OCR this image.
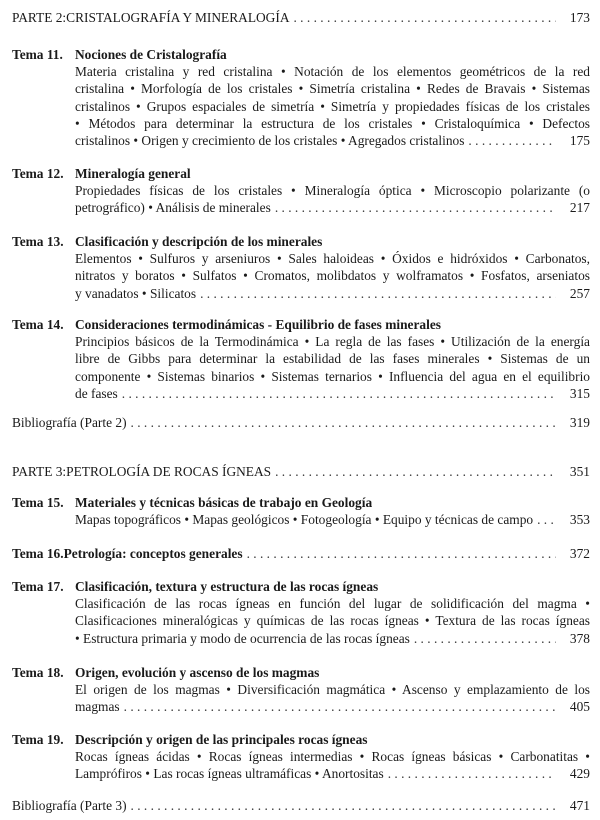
PARTE 2: CRISTALOGRAFÍA Y MINERALOGÍA . . .	173
Tema 11. Nociones de Cristalografía
Materia cristalina y red cristalina • Notación de los elementos geométricos de la red
cristalina • Morfología de los cristales • Simetría cristalina • Redes de Bravais • Sistemas
cristalinos • Grupos espaciales de simetría • Simetría y propiedades físicas de los cristales
• Métodos para determinar la estructura de los cristales • Cristaloquímica • Defectos
cristalinos • Origen y crecimiento de los cristales • Agregados cristalinos . . .	175
Tema 12. Mineralogía general
Propiedades físicas de los cristales • Mineralogía óptica • Microscopio polarizante (o
petrográfico) • Análisis de minerales . . .	217
Tema 13. Clasificación y descripción de los minerales
Elementos • Sulfuros y arseniuros • Sales haloideas • Óxidos e hidróxidos • Carbonatos,
nitratos y boratos • Sulfatos • Cromatos, molibdatos y wolframatos • Fosfatos, arseniatos
y vanadatos • Silicatos . . .	257
Tema 14. Consideraciones termodinámicas - Equilibrio de fases minerales
Principios básicos de la Termodinámica • La regla de las fases • Utilización de la energía
libre de Gibbs para determinar la estabilidad de las fases minerales • Sistemas de un
componente • Sistemas binarios • Sistemas ternarios • Influencia del agua en el equilibrio
de fases . . .	315
Bibliografía (Parte 2) . . .	319
PARTE 3: PETROLOGÍA DE ROCAS ÍGNEAS . . .	351
Tema 15. Materiales y técnicas básicas de trabajo en Geología
Mapas topográficos • Mapas geológicos • Fotogeología • Equipo y técnicas de campo . . .	353
Tema 16. Petrología: conceptos generales . . .	372
Tema 17. Clasificación, textura y estructura de las rocas ígneas
Clasificación de las rocas ígneas en función del lugar de solidificación del magma •
Clasificaciones mineralógicas y químicas de las rocas ígneas • Textura de las rocas ígneas
• Estructura primaria y modo de ocurrencia de las rocas ígneas . . .	378
Tema 18. Origen, evolución y ascenso de los magmas
El origen de los magmas • Diversificación magmática • Ascenso y emplazamiento de los
magmas . . .	405
Tema 19. Descripción y origen de las principales rocas ígneas
Rocas ígneas ácidas • Rocas ígneas intermedias • Rocas ígneas básicas • Carbonatitas •
Lamprófiros • Las rocas ígneas ultramáficas • Anortositas . . .	429
Bibliografía (Parte 3) . . .	471
